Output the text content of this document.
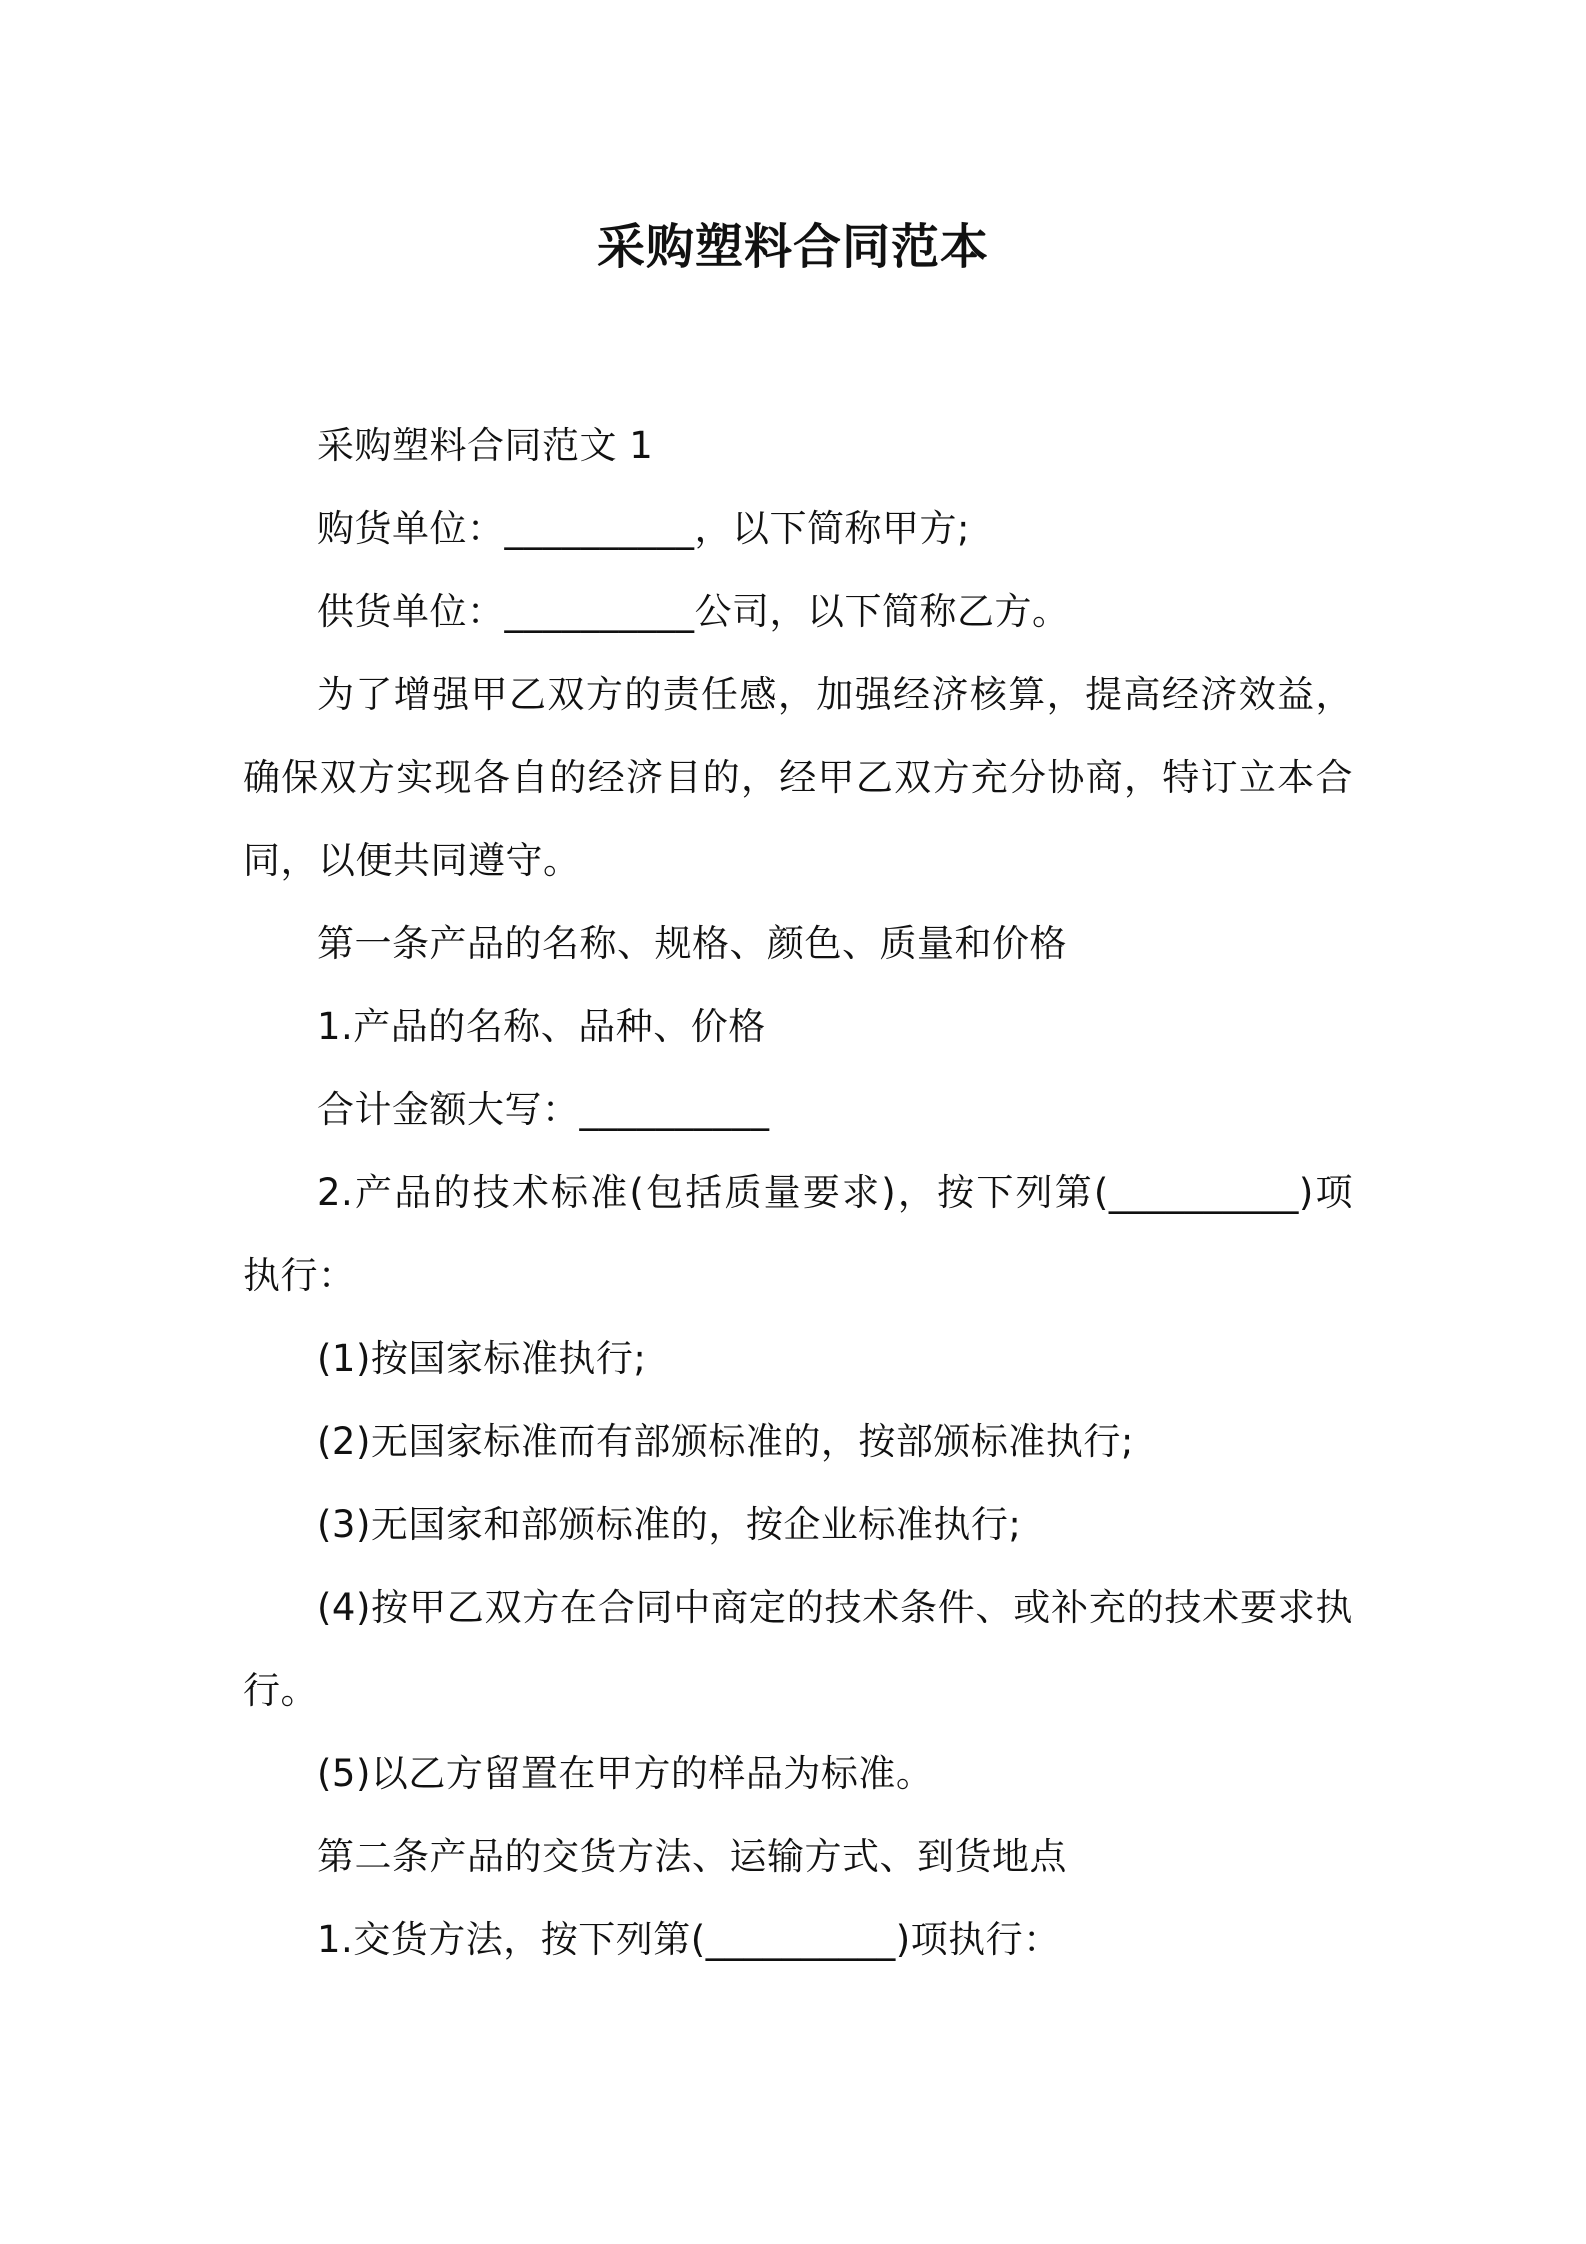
采购塑料合同范本

采购塑料合同范文 1

购货单位：__________，以下简称甲方;

供货单位：__________公司，以下简称乙方。

为了增强甲乙双方的责任感，加强经济核算，提高经济效益，确保双方实现各自的经济目的，经甲乙双方充分协商，特订立本合同，以便共同遵守。

第一条产品的名称、规格、颜色、质量和价格

1.产品的名称、品种、价格

合计金额大写：__________

2.产品的技术标准(包括质量要求)，按下列第(__________)项执行：

(1)按国家标准执行;

(2)无国家标准而有部颁标准的，按部颁标准执行;

(3)无国家和部颁标准的，按企业标准执行;

(4)按甲乙双方在合同中商定的技术条件、或补充的技术要求执行。

(5)以乙方留置在甲方的样品为标准。

第二条产品的交货方法、运输方式、到货地点

1.交货方法，按下列第(__________)项执行：
